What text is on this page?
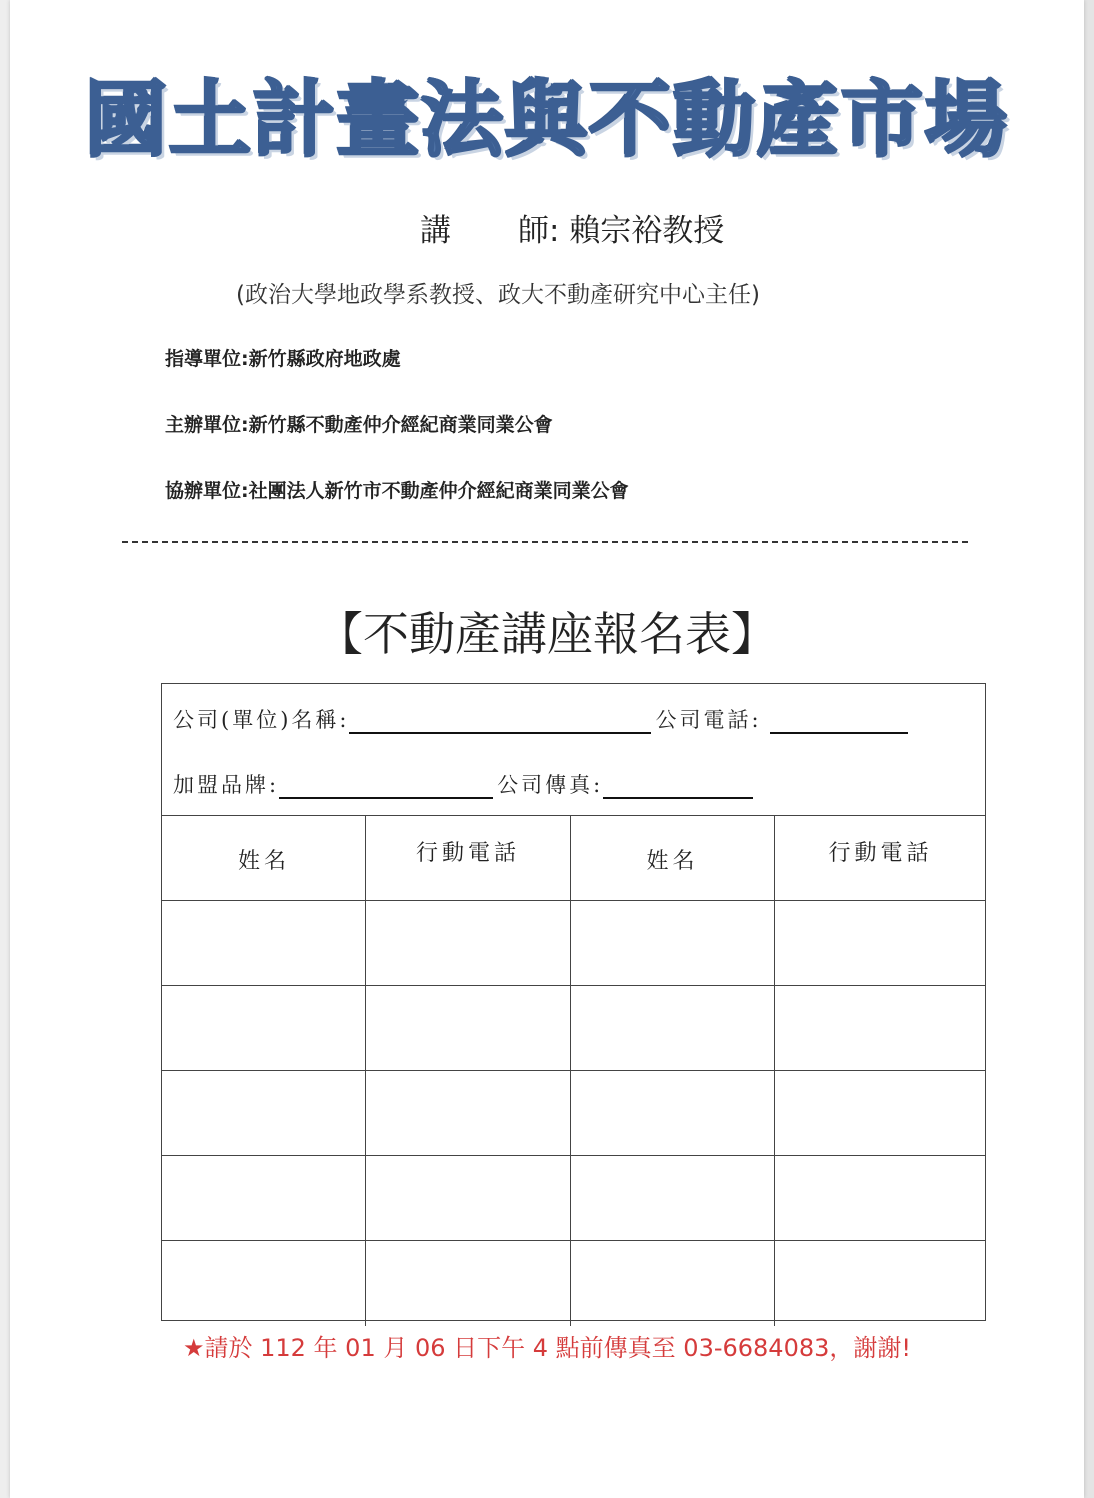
國土計畫法與不動產市場
講 師: 賴宗裕教授
(政治大學地政學系教授、政大不動產研究中心主任)
指導單位:新竹縣政府地政處
主辦單位:新竹縣不動產仲介經紀商業同業公會
協辦單位:社團法人新竹市不動產仲介經紀商業同業公會
【不動產講座報名表】
公司(單位)名稱:	公司電話:
加盟品牌:	公司傳真:
姓名	行動電話	姓名	行動電話
★請於 112 年 01 月 06 日下午 4 點前傳真至 03-6684083，謝謝!
